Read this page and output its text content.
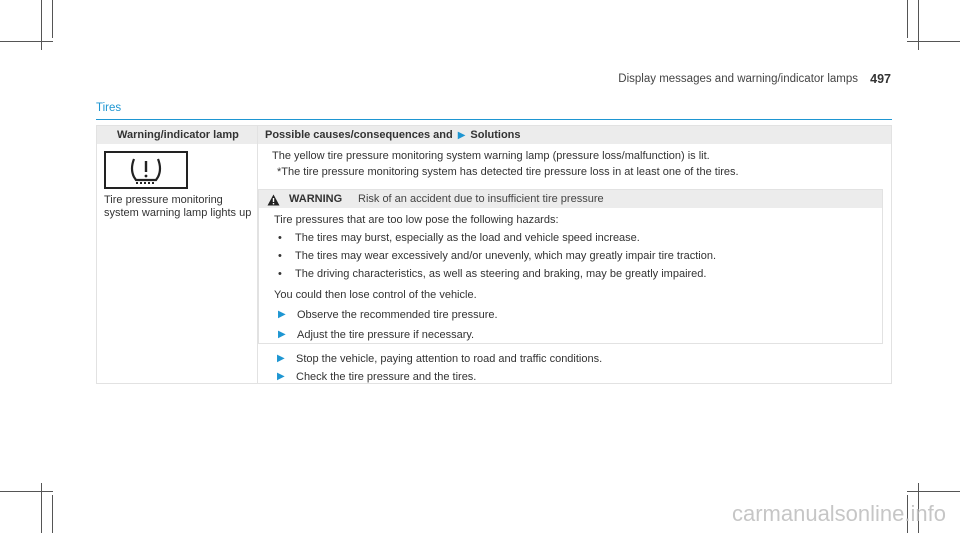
Display messages and warning/indicator lamps 497
Tires
Warning/indicator lamp Possible causes/consequences and ▶ Solutions
Tire pressure monitoring system warning lamp lights up
The yellow tire pressure monitoring system warning lamp (pressure loss/malfunction) is lit.
*The tire pressure monitoring system has detected tire pressure loss in at least one of the tires.
WARNING Risk of an accident due to insufficient tire pressure
Tire pressures that are too low pose the following hazards:
• The tires may burst, especially as the load and vehicle speed increase.
• The tires may wear excessively and/or unevenly, which may greatly impair tire traction.
• The driving characteristics, as well as steering and braking, may be greatly impaired.
You could then lose control of the vehicle.
▶ Observe the recommended tire pressure.
▶ Adjust the tire pressure if necessary.
▶ Stop the vehicle, paying attention to road and traffic conditions.
▶ Check the tire pressure and the tires.
carmanualsonline.info
